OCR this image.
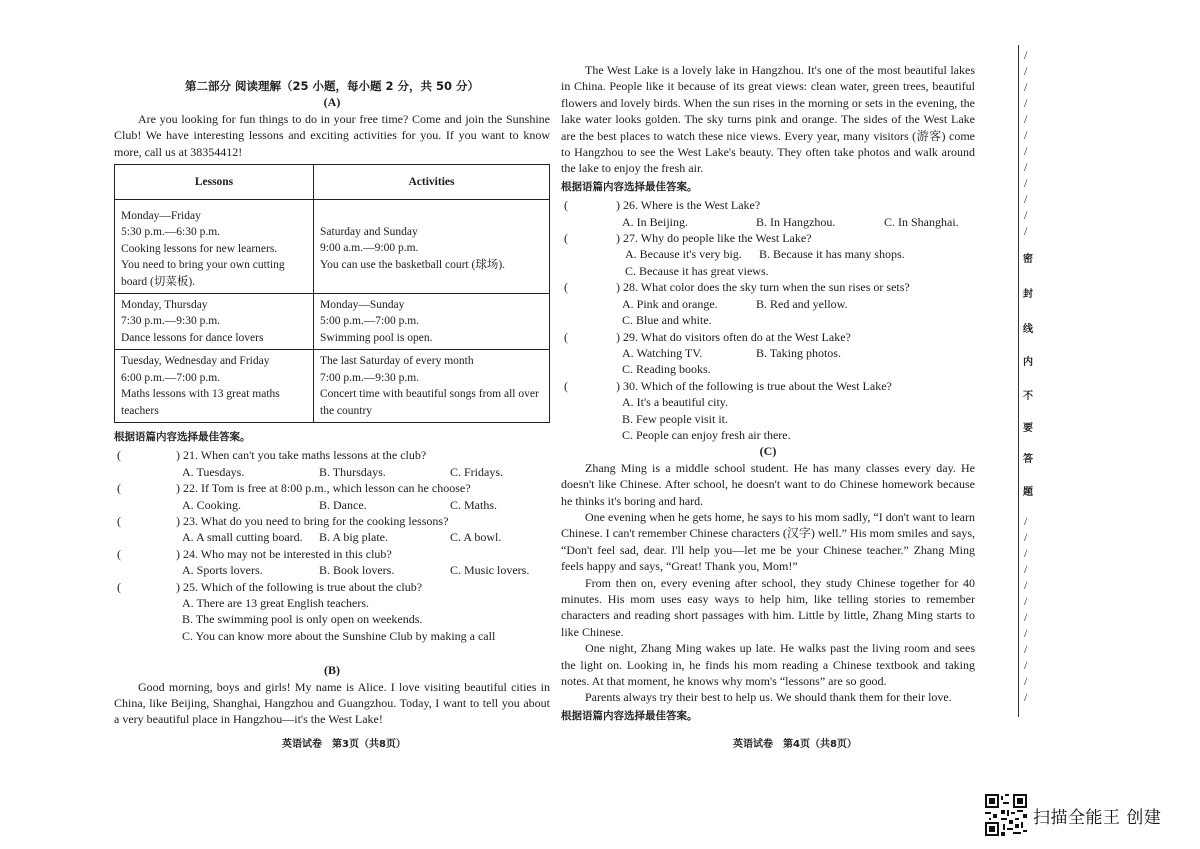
第二部分 阅读理解（25 小题，每小题 2 分，共 50 分）

(A)

Are you looking for fun things to do in your free time? Come and join the Sunshine Club! We have interesting lessons and exciting activities for you. If you want to know more, call us at 38354412!

Lessons	Activities

Monday—Friday
5:30 p.m.—6:30 p.m.
Cooking lessons for new learners.
You need to bring your own cutting board (切菜板).	Saturday and Sunday
9:00 a.m.—9:00 p.m.
You can use the basketball court (球场).

Monday, Thursday
7:30 p.m.—9:30 p.m.
Dance lessons for dance lovers	Monday—Sunday
5:00 p.m.—7:00 p.m.
Swimming pool is open.

Tuesday, Wednesday and Friday
6:00 p.m.—7:00 p.m.
Maths lessons with 13 great maths teachers	The last Saturday of every month
7:00 p.m.—9:30 p.m.
Concert time with beautiful songs from all over the country

根据语篇内容选择最佳答案。

(	) 21. When can't you take maths lessons at the club?
A. Tuesdays.	B. Thursdays.	C. Fridays.
(	) 22. If Tom is free at 8:00 p.m., which lesson can he choose?
A. Cooking.	B. Dance.	C. Maths.
(	) 23. What do you need to bring for the cooking lessons?
A. A small cutting board.	B. A big plate.	C. A bowl.
(	) 24. Who may not be interested in this club?
A. Sports lovers.	B. Book lovers.	C. Music lovers.
(	) 25. Which of the following is true about the club?
A. There are 13 great English teachers.
B. The swimming pool is only open on weekends.
C. You can know more about the Sunshine Club by making a call

(B)

Good morning, boys and girls! My name is Alice. I love visiting beautiful cities in China, like Beijing, Shanghai, Hangzhou and Guangzhou. Today, I want to tell you about a very beautiful place in Hangzhou—it's the West Lake!

The West Lake is a lovely lake in Hangzhou. It's one of the most beautiful lakes in China. People like it because of its great views: clean water, green trees, beautiful flowers and lovely birds. When the sun rises in the morning or sets in the evening, the lake water looks golden. The sky turns pink and orange. The sides of the West Lake are the best places to watch these nice views. Every year, many visitors (游客) come to Hangzhou to see the West Lake's beauty. They often take photos and walk around the lake to enjoy the fresh air.

根据语篇内容选择最佳答案。

(	) 26. Where is the West Lake?
A. In Beijing.	B. In Hangzhou.	C. In Shanghai.
(	) 27. Why do people like the West Lake?
A. Because it's very big.	B. Because it has many shops.
C. Because it has great views.
(	) 28. What color does the sky turn when the sun rises or sets?
A. Pink and orange.	B. Red and yellow.
C. Blue and white.
(	) 29. What do visitors often do at the West Lake?
A. Watching TV.	B. Taking photos.
C. Reading books.
(	) 30. Which of the following is true about the West Lake?
A. It's a beautiful city.
B. Few people visit it.
C. People can enjoy fresh air there.

(C)

Zhang Ming is a middle school student. He has many classes every day. He doesn't like Chinese. After school, he doesn't want to do Chinese homework because he thinks it's boring and hard.

One evening when he gets home, he says to his mom sadly, “I don't want to learn Chinese. I can't remember Chinese characters (汉字) well.” His mom smiles and says, “Don't feel sad, dear. I'll help you—let me be your Chinese teacher.” Zhang Ming feels happy and says, “Great! Thank you, Mom!”

From then on, every evening after school, they study Chinese together for 40 minutes. His mom uses easy ways to help him, like telling stories to remember characters and reading short passages with him. Little by little, Zhang Ming starts to like Chinese.

One night, Zhang Ming wakes up late. He walks past the living room and sees the light on. Looking in, he finds his mom reading a Chinese textbook and taking notes. At that moment, he knows why mom's “lessons” are so good.

Parents always try their best to help us. We should thank them for their love.

根据语篇内容选择最佳答案。

英语试卷　第3页（共8页）	英语试卷　第4页（共8页）
/
/
/
/
/
/
/
/
/
/
/
/
密
封
线
内
不
要
答
题
/
/
/
/
/
/
/
/
/
/
/
/
扫描全能王 创建
